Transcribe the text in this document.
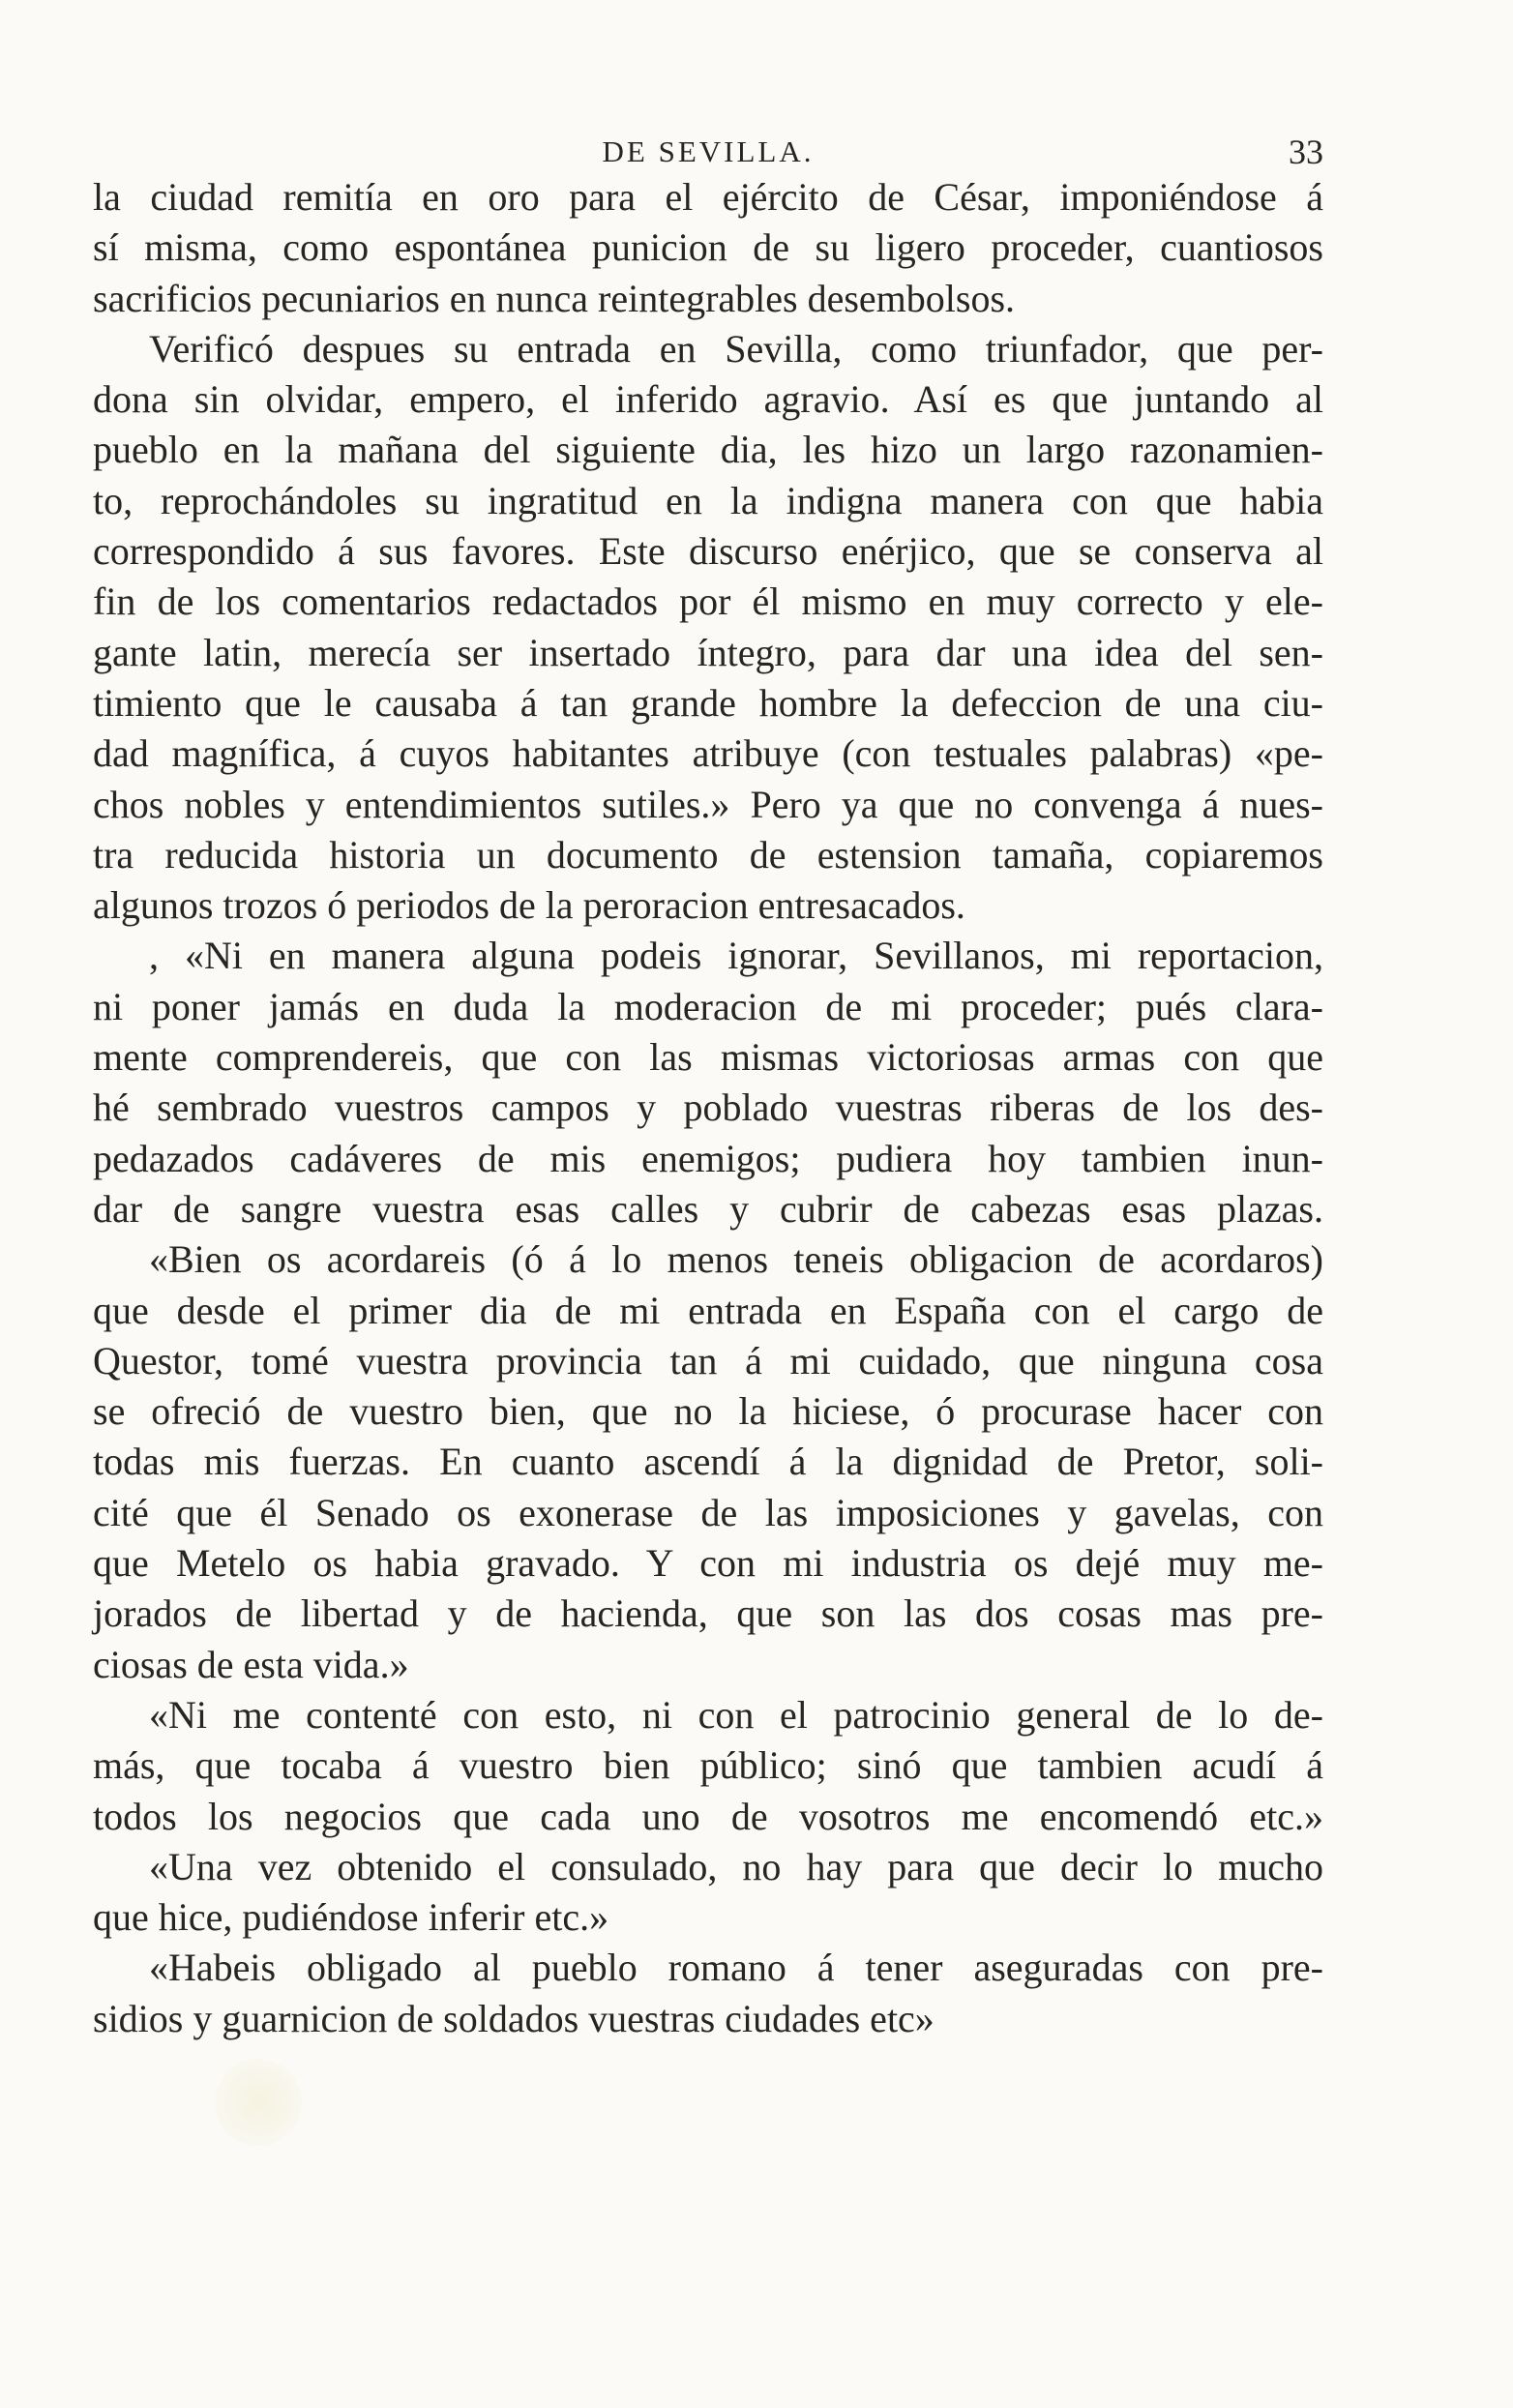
DE SEVILLA.	33
la ciudad remitía en oro para el ejército de César, imponiéndose á
sí misma, como espontánea punicion de su ligero proceder, cuantiosos
sacrificios pecuniarios en nunca reintegrables desembolsos.
Verificó despues su entrada en Sevilla, como triunfador, que per-
dona sin olvidar, empero, el inferido agravio. Así es que juntando al
pueblo en la mañana del siguiente dia, les hizo un largo razonamien-
to, reprochándoles su ingratitud en la indigna manera con que habia
correspondido á sus favores. Este discurso enérjico, que se conserva al
fin de los comentarios redactados por él mismo en muy correcto y ele-
gante latin, merecía ser insertado íntegro, para dar una idea del sen-
timiento que le causaba á tan grande hombre la defeccion de una ciu-
dad magnífica, á cuyos habitantes atribuye (con testuales palabras) «pe-
chos nobles y entendimientos sutiles.» Pero ya que no convenga á nues-
tra reducida historia un documento de estension tamaña, copiaremos
algunos trozos ó periodos de la peroracion entresacados.
, «Ni en manera alguna podeis ignorar, Sevillanos, mi reportacion,
ni poner jamás en duda la moderacion de mi proceder; pués clara-
mente comprendereis, que con las mismas victoriosas armas con que
hé sembrado vuestros campos y poblado vuestras riberas de los des-
pedazados cadáveres de mis enemigos; pudiera hoy tambien inun-
dar de sangre vuestra esas calles y cubrir de cabezas esas plazas.
«Bien os acordareis (ó á lo menos teneis obligacion de acordaros)
que desde el primer dia de mi entrada en España con el cargo de
Questor, tomé vuestra provincia tan á mi cuidado, que ninguna cosa
se ofreció de vuestro bien, que no la hiciese, ó procurase hacer con
todas mis fuerzas. En cuanto ascendí á la dignidad de Pretor, soli-
cité que él Senado os exonerase de las imposiciones y gavelas, con
que Metelo os habia gravado. Y con mi industria os dejé muy me-
jorados de libertad y de hacienda, que son las dos cosas mas pre-
ciosas de esta vida.»
«Ni me contenté con esto, ni con el patrocinio general de lo de-
más, que tocaba á vuestro bien público; sinó que tambien acudí á
todos los negocios que cada uno de vosotros me encomendó etc.»
«Una vez obtenido el consulado, no hay para que decir lo mucho
que hice, pudiéndose inferir etc.»
«Habeis obligado al pueblo romano á tener aseguradas con pre-
sidios y guarnicion de soldados vuestras ciudades etc»
